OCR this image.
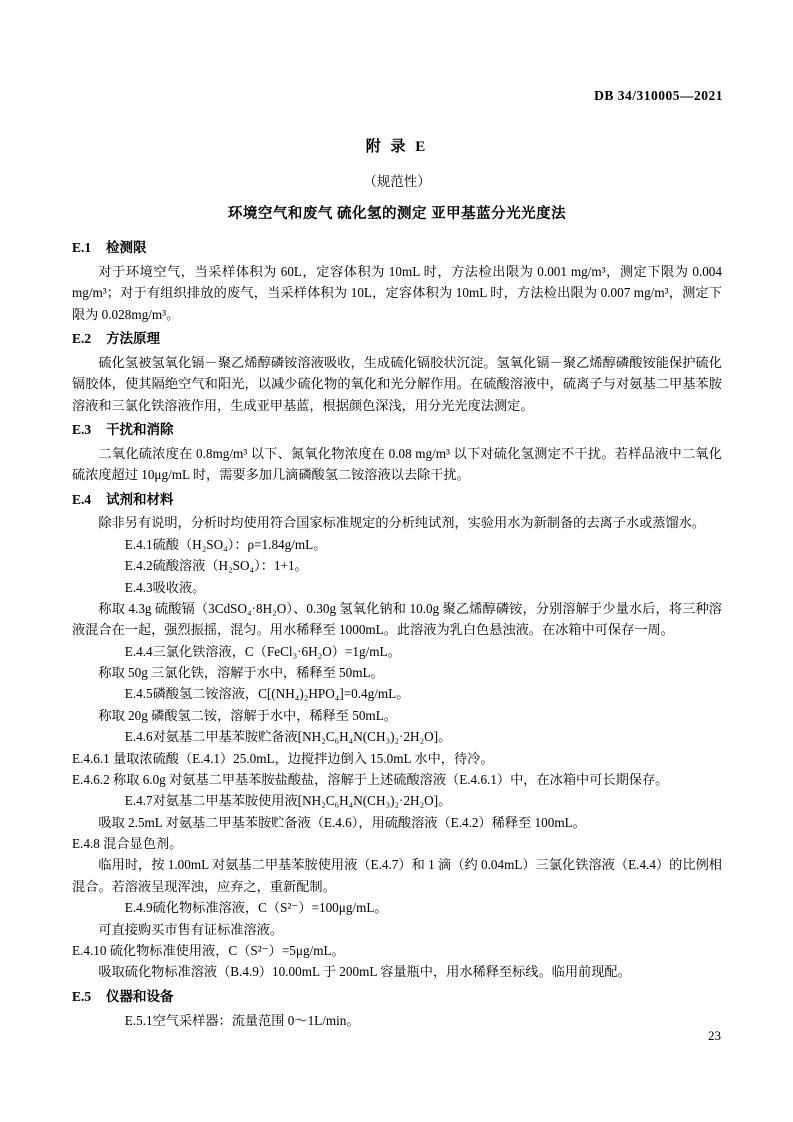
DB 34/310005—2021
附 录 E
（规范性）
环境空气和废气 硫化氢的测定 亚甲基蓝分光光度法
E.1 检测限

对于环境空气，当采样体积为 60L，定容体积为 10mL 时，方法检出限为 0.001 mg/m³，测定下限为 0.004 mg/m³；对于有组织排放的废气，当采样体积为 10L，定容体积为 10mL 时，方法检出限为 0.007 mg/m³，测定下限为 0.028mg/m³。

E.2 方法原理

硫化氢被氢氧化镉－聚乙烯醇磷铵溶液吸收，生成硫化镉胶状沉淀。氢氧化镉－聚乙烯醇磷酸铵能保护硫化镉胶体，使其隔绝空气和阳光，以减少硫化物的氧化和光分解作用。在硫酸溶液中，硫离子与对氨基二甲基苯胺溶液和三氯化铁溶液作用，生成亚甲基蓝，根据颜色深浅，用分光光度法测定。

E.3 干扰和消除

二氧化硫浓度在 0.8mg/m³ 以下、氮氧化物浓度在 0.08 mg/m³ 以下对硫化氢测定不干扰。若样品液中二氧化硫浓度超过 10μg/mL 时，需要多加几滴磷酸氢二铵溶液以去除干扰。

E.4 试剂和材料

除非另有说明，分析时均使用符合国家标准规定的分析纯试剂，实验用水为新制备的去离子水或蒸馏水。

E.4.1硫酸（H₂SO₄）：ρ=1.84g/mL。

E.4.2硫酸溶液（H₂SO₄）：1+1。

E.4.3吸收液。

称取 4.3g 硫酸镉（3CdSO₄·8H₂O）、0.30g 氢氧化钠和 10.0g 聚乙烯醇磷铵，分别溶解于少量水后，将三种溶液混合在一起，强烈振摇，混匀。用水稀释至 1000mL。此溶液为乳白色悬浊液。在冰箱中可保存一周。

E.4.4三氯化铁溶液，C（FeCl₃·6H₂O）=1g/mL。

称取 50g 三氯化铁，溶解于水中，稀释至 50mL。

E.4.5磷酸氢二铵溶液，C[(NH₄)₂HPO₄]=0.4g/mL。

称取 20g 磷酸氢二铵，溶解于水中，稀释至 50mL。

E.4.6对氨基二甲基苯胺贮备液[NH₂C₆H₄N(CH₃)₂·2H₂O]。

E.4.6.1 量取浓硫酸（E.4.1）25.0mL，边搅拌边倒入 15.0mL 水中，待冷。

E.4.6.2 称取 6.0g 对氨基二甲基苯胺盐酸盐，溶解于上述硫酸溶液（E.4.6.1）中，在冰箱中可长期保存。

E.4.7对氨基二甲基苯胺使用液[NH₂C₆H₄N(CH₃)₂·2H₂O]。

吸取 2.5mL 对氨基二甲基苯胺贮备液（E.4.6），用硫酸溶液（E.4.2）稀释至 100mL。

E.4.8 混合显色剂。

临用时，按 1.00mL 对氨基二甲基苯胺使用液（E.4.7）和 1 滴（约 0.04mL）三氯化铁溶液（E.4.4）的比例相混合。若溶液呈现浑浊，应弃之，重新配制。

E.4.9硫化物标准溶液，C（S²⁻）=100μg/mL。

可直接购买市售有证标准溶液。

E.4.10 硫化物标准使用液，C（S²⁻）=5μg/mL。

吸取硫化物标准溶液（B.4.9）10.00mL 于 200mL 容量瓶中，用水稀释至标线。临用前现配。

E.5 仪器和设备

E.5.1空气采样器：流量范围 0～1L/min。

23
